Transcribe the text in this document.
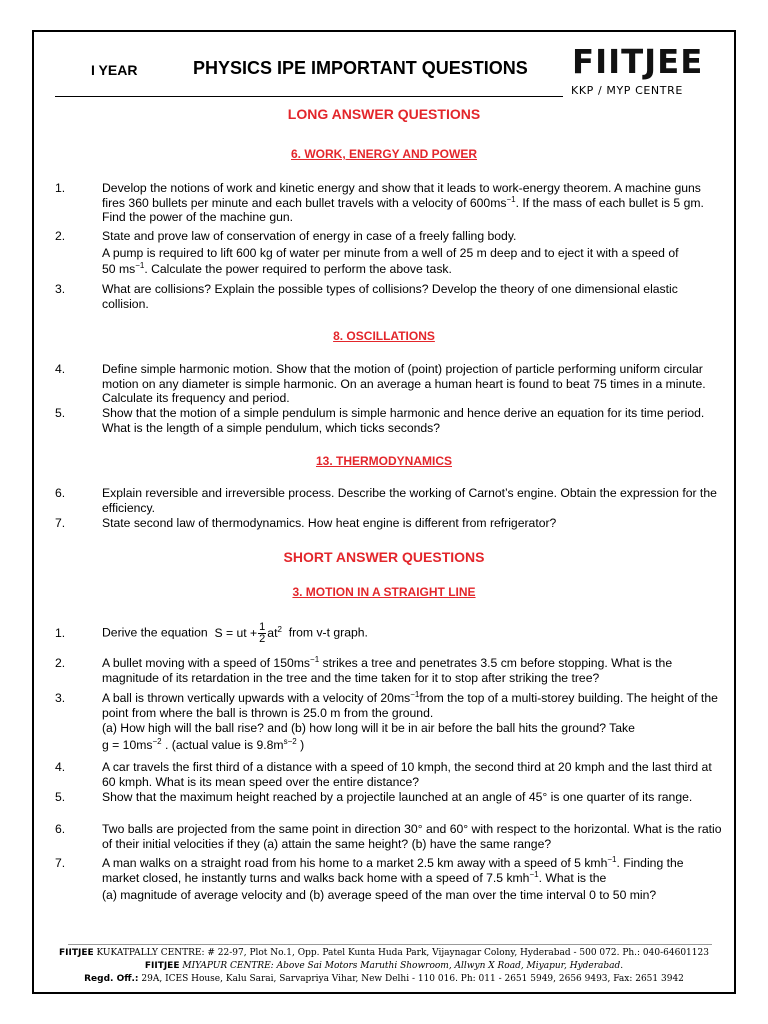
I YEAR	PHYSICS IPE IMPORTANT QUESTIONS FIITJEE
KKP / MYP CENTRE
LONG ANSWER QUESTIONS
6. WORK, ENERGY AND POWER
1.	Develop the notions of work and kinetic energy and show that it leads to work-energy theorem. A machine guns fires 360 bullets per minute and each bullet travels with a velocity of $600ms^{-1}$. If the mass of each bullet is 5 gm. Find the power of the machine gun.
2.	State and prove law of conservation of energy in case of a freely falling body.

A pump is required to lift 600 kg of water per minute from a well of 25 m deep and to eject it with a speed of

50 $ms^{-1}$. Calculate the power required to perform the above task.

3.	What are collisions? Explain the possible types of collisions? Develop the theory of one dimensional elastic collision.
8. OSCILLATIONS
4.	Define simple harmonic motion. Show that the motion of (point) projection of particle performing uniform circular motion on any diameter is simple harmonic. On an average a human heart is found to beat 75 times in a minute. Calculate its frequency and period.
5.	Show that the motion of a simple pendulum is simple harmonic and hence derive an equation for its time period. What is the length of a simple pendulum, which ticks seconds?
13. THERMODYNAMICS
6.	Explain reversible and irreversible process. Describe the working of Carnot’s engine. Obtain the expression for the efficiency.
7.	State second law of thermodynamics. How heat engine is different from refrigerator?
SHORT ANSWER QUESTIONS
3. MOTION IN A STRAIGHT LINE
1.	Derive the equation S = ut + $\frac{1}{2} at^2$ from v-t graph.
2.	A bullet moving with a speed of $150ms^{-1}$ strikes a tree and penetrates 3.5 cm before stopping. What is the magnitude of its retardation in the tree and the time taken for it to stop after striking the tree?
3.	A ball is thrown vertically upwards with a velocity of $20ms^{-1}from$ the top of a multi-storey building. The height of the point from where the ball is thrown is 25.0 m from the ground.

(a) How high will the ball rise? and (b) how long will it be in air before the ball hits the ground? Take

$g = 10ms^{-2}$ . (actual value is $9.8m^{s-2}$ )

4.	A car travels the first third of a distance with a speed of 10 kmph, the second third at 20 kmph and the last third at 60 kmph. What is its mean speed over the entire distance?
5.	Show that the maximum height reached by a projectile launched at an angle of 45° is one quarter of its range.
6.	Two balls are projected from the same point in direction 30° and 60° with respect to the horizontal. What is the ratio of their initial velocities if they (a) attain the same height? (b) have the same range?
7.	A man walks on a straight road from his home to a market 2.5 km away with a speed of 5 kmh$^{-1}$. Finding the market closed, he instantly turns and walks back home with a speed of 7.5 kmh$^{-1}$. What is the

(a) magnitude of average velocity and (b) average speed of the man over the time interval 0 to 50 min?

FIITJEE KUKATPALLY CENTRE: # 22-97, Plot No.1, Opp. Patel Kunta Huda Park, Vijaynagar Colony, Hyderabad - 500 072. Ph.: 040-64601123
FIITJEE MIYAPUR CENTRE: Above Sai Motors Maruthi Showroom, Allwyn X Road, Miyapur, Hyderabad.
Regd. Off.: 29A, ICES House, Kalu Sarai, Sarvapriya Vihar, New Delhi - 110 016. Ph: 011 - 2651 5949, 2656 9493, Fax: 2651 3942
